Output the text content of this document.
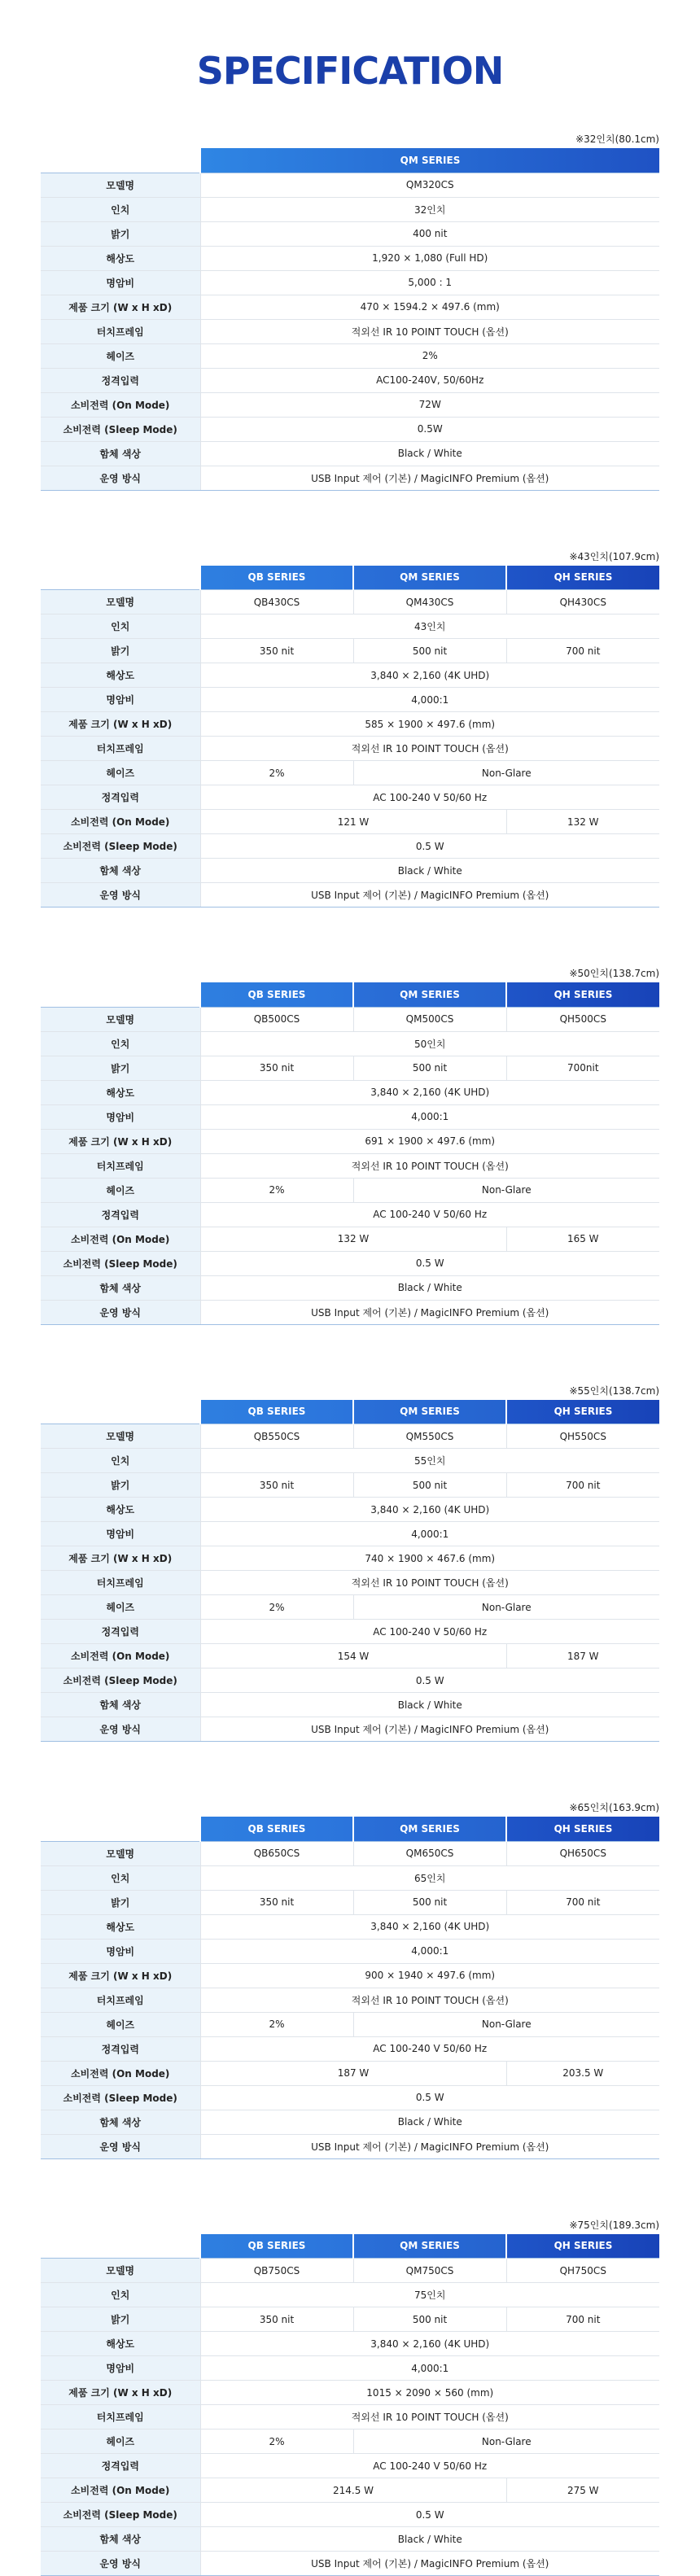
SPECIFICATION
※32인치(80.1cm)
	QM SERIES
모델명	QM320CS
인치	32인치
밝기	400 nit
해상도	1,920 × 1,080 (Full HD)
명암비	5,000 : 1
제품 크기 (W x H xD)	470 × 1594.2 × 497.6 (mm)
터치프레임	적외선 IR 10 POINT TOUCH (옵션)
헤이즈	2%
정격입력	AC100-240V, 50/60Hz
소비전력 (On Mode)	72W
소비전력 (Sleep Mode)	0.5W
함체 색상	Black / White
운영 방식	USB Input 제어 (기본) / MagicINFO Premium (옵션)
※43인치(107.9cm)
	QB SERIES	QM SERIES	QH SERIES
모델명	QB430CS	QM430CS	QH430CS
인치	43인치		
밝기	350 nit	500 nit	700 nit
해상도	3,840 × 2,160 (4K UHD)		
명암비	4,000:1		
제품 크기 (W x H xD)	585 × 1900 × 497.6 (mm)		
터치프레임	적외선 IR 10 POINT TOUCH (옵션)		
헤이즈	2%	Non-Glare	
정격입력	AC 100-240 V 50/60 Hz		
소비전력 (On Mode)	121 W		132 W
소비전력 (Sleep Mode)	0.5 W		
함체 색상	Black / White		
운영 방식	USB Input 제어 (기본) / MagicINFO Premium (옵션)		
※50인치(138.7cm)
	QB SERIES	QM SERIES	QH SERIES
모델명	QB500CS	QM500CS	QH500CS
인치	50인치		
밝기	350 nit	500 nit	700nit
해상도	3,840 × 2,160 (4K UHD)		
명암비	4,000:1		
제품 크기 (W x H xD)	691 × 1900 × 497.6 (mm)		
터치프레임	적외선 IR 10 POINT TOUCH (옵션)		
헤이즈	2%	Non-Glare	
정격입력	AC 100-240 V 50/60 Hz		
소비전력 (On Mode)	132 W		165 W
소비전력 (Sleep Mode)	0.5 W		
함체 색상	Black / White		
운영 방식	USB Input 제어 (기본) / MagicINFO Premium (옵션)		
※55인치(138.7cm)
	QB SERIES	QM SERIES	QH SERIES
모델명	QB550CS	QM550CS	QH550CS
인치	55인치		
밝기	350 nit	500 nit	700 nit
해상도	3,840 × 2,160 (4K UHD)		
명암비	4,000:1		
제품 크기 (W x H xD)	740 × 1900 × 467.6 (mm)		
터치프레임	적외선 IR 10 POINT TOUCH (옵션)		
헤이즈	2%	Non-Glare	
정격입력	AC 100-240 V 50/60 Hz		
소비전력 (On Mode)	154 W		187 W
소비전력 (Sleep Mode)	0.5 W		
함체 색상	Black / White		
운영 방식	USB Input 제어 (기본) / MagicINFO Premium (옵션)		
※65인치(163.9cm)
	QB SERIES	QM SERIES	QH SERIES
모델명	QB650CS	QM650CS	QH650CS
인치	65인치		
밝기	350 nit	500 nit	700 nit
해상도	3,840 × 2,160 (4K UHD)		
명암비	4,000:1		
제품 크기 (W x H xD)	900 × 1940 × 497.6 (mm)		
터치프레임	적외선 IR 10 POINT TOUCH (옵션)		
헤이즈	2%	Non-Glare	
정격입력	AC 100-240 V 50/60 Hz		
소비전력 (On Mode)	187 W		203.5 W
소비전력 (Sleep Mode)	0.5 W		
함체 색상	Black / White		
운영 방식	USB Input 제어 (기본) / MagicINFO Premium (옵션)		
※75인치(189.3cm)
	QB SERIES	QM SERIES	QH SERIES
모델명	QB750CS	QM750CS	QH750CS
인치	75인치		
밝기	350 nit	500 nit	700 nit
해상도	3,840 × 2,160 (4K UHD)		
명암비	4,000:1		
제품 크기 (W x H xD)	1015 × 2090 × 560 (mm)		
터치프레임	적외선 IR 10 POINT TOUCH (옵션)		
헤이즈	2%	Non-Glare	
정격입력	AC 100-240 V 50/60 Hz		
소비전력 (On Mode)	214.5 W		275 W
소비전력 (Sleep Mode)	0.5 W		
함체 색상	Black / White		
운영 방식	USB Input 제어 (기본) / MagicINFO Premium (옵션)		
